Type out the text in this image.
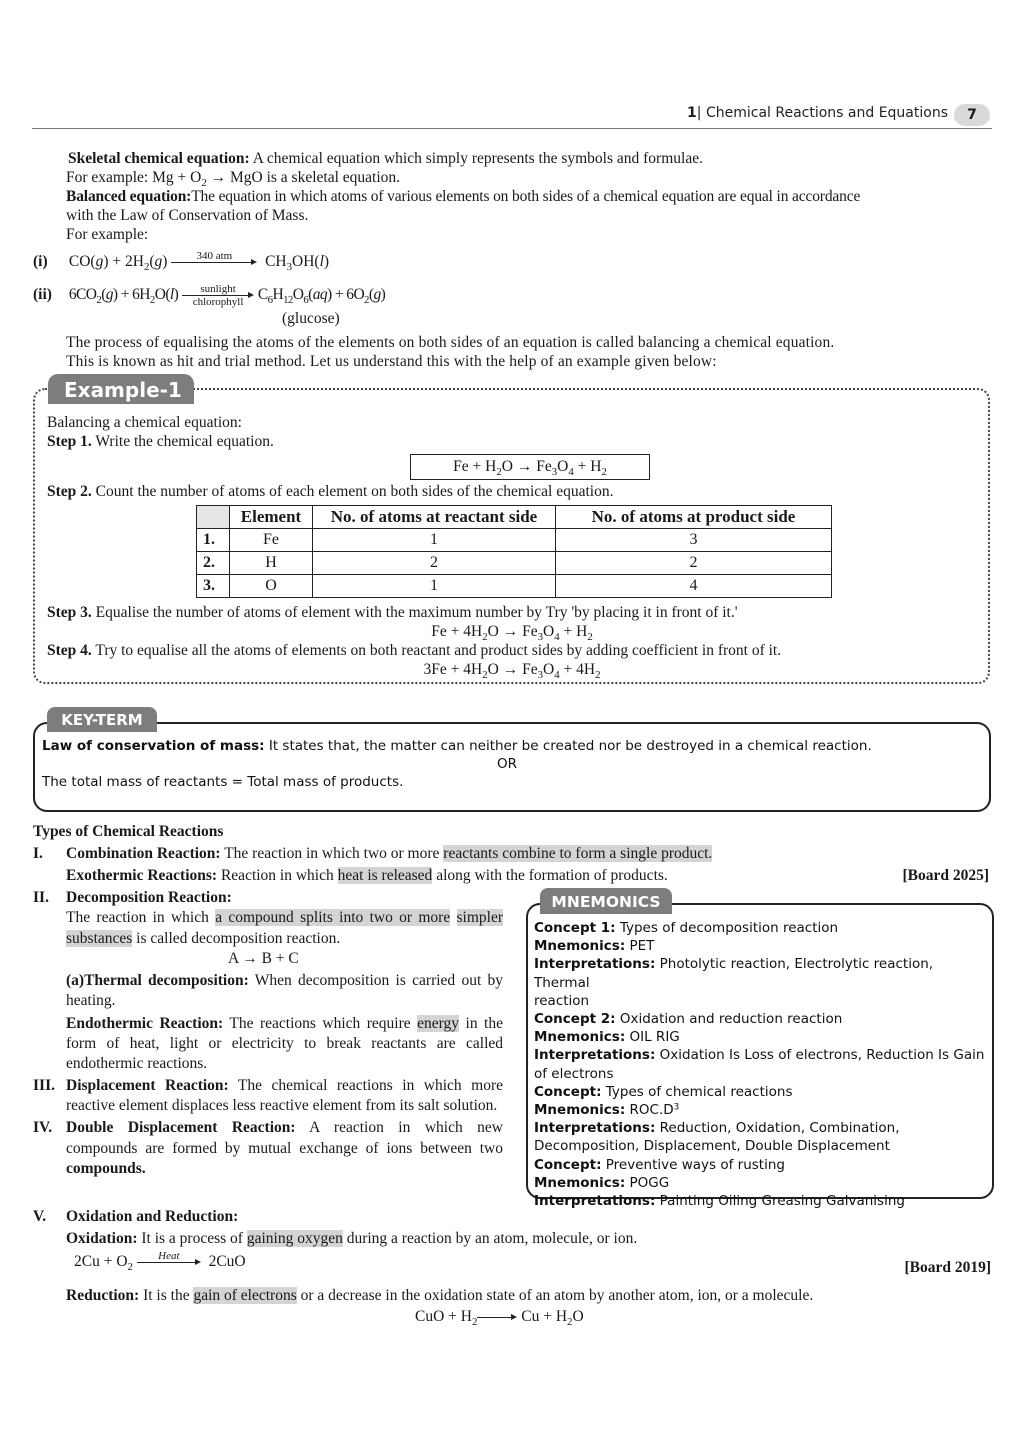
1| Chemical Reactions and Equations	7
Skeletal chemical equation: A chemical equation which simply represents the symbols and formulae.
For example: $Mg + O_2$ → MgO is a skeletal equation.
Balanced equation:The equation in which atoms of various elements on both sides of a chemical equation are equal in accordance
with the Law of Conservation of Mass.
For example:
(i) $CO(g) + 2H_2(g)$	340 atm	$CH_3OH(l)$
(ii) $6CO_2(g) + 6H_2O(l)$	sunlight
chlorophyll $C_6H_{12}O_6(aq) + 6O_2(g)$
(glucose)
The process of equalising the atoms of the elements on both sides of an equation is called balancing a chemical equation.
This is known as hit and trial method. Let us understand this with the help of an example given below:
Example-1
Balancing a chemical equation:
Step 1. Write the chemical equation.
$Fe + H_2O \to Fe_3O_4 + H_2$
Step 2. Count the number of atoms of each element on both sides of the chemical equation.
	Element	No. of atoms at reactant side	No. of atoms at product side
1.	Fe	1	3
2.	H	2	2
3.	O	1	4
Step 3. Equalise the number of atoms of element with the maximum number by Try 'by placing it in front of it.'
$Fe + 4H_2O \to Fe_3O_4 + H_2$
Step 4. Try to equalise all the atoms of elements on both reactant and product sides by adding coefficient in front of it.
$3Fe + 4H_2O \to Fe_3O_4 + 4H_2$
KEY-TERM
Law of conservation of mass: It states that, the matter can neither be created nor be destroyed in a chemical reaction.
OR
The total mass of reactants = Total mass of products.
Types of Chemical Reactions
I.	Combination Reaction: The reaction in which two or more reactants combine to form a single product.
Exothermic Reactions: Reaction in which heat is released along with the formation of products.	[Board 2025]
II.	Decomposition Reaction:
The reaction in which a compound splits into two or more simpler substances is called decomposition reaction.
A → B + C
(a)Thermal decomposition: When decomposition is carried out by heating.
Endothermic Reaction: The reactions which require energy in the form of heat, light or electricity to break reactants are called endothermic reactions.
III. Displacement Reaction: The chemical reactions in which more reactive element displaces less reactive element from its salt solution.
IV. Double Displacement Reaction: A reaction in which new compounds are formed by mutual exchange of ions between two compounds.
MNEMONICS
Concept 1: Types of decomposition reaction
Mnemonics: PET
Interpretations: Photolytic reaction, Electrolytic reaction, Thermal
reaction
Concept 2: Oxidation and reduction reaction
Mnemonics: OIL RIG
Interpretations: Oxidation Is Loss of electrons, Reduction Is Gain
of electrons
Concept: Types of chemical reactions
Mnemonics: $ROC.D^3$
Interpretations: Reduction, Oxidation, Combination,
Decomposition, Displacement, Double Displacement
Concept: Preventive ways of rusting
Mnemonics: POGG
Interpretations: Painting Oiling Greasing Galvanising
V.	Oxidation and Reduction:
Oxidation: It is a process of gaining oxygen during a reaction by an atom, molecule, or ion.
$2Cu + O_2$
Heat	2CuO	[Board 2019]
Reduction: It is the gain of electrons or a decrease in the oxidation state of an atom by another atom, ion, or a molecule.
CuO + $H_2$	$Cu + H_2O$
